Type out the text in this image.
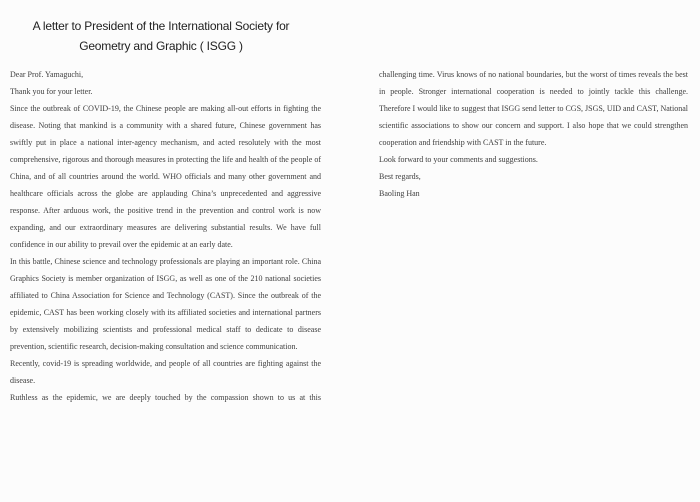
A letter to President of the International Society for
Geometry and Graphic ( ISGG )

Dear Prof. Yamaguchi,

Thank you for your letter.

Since the outbreak of COVID-19, the Chinese people are making all-out efforts in fighting the disease. Noting that mankind is a community with a shared future, Chinese government has swiftly put in place a national inter-agency mechanism, and acted resolutely with the most comprehensive, rigorous and thorough measures in protecting the life and health of the people of China, and of all countries around the world. WHO officials and many other government and healthcare officials across the globe are applauding China’s unprecedented and aggressive response. After arduous work, the positive trend in the prevention and control work is now expanding, and our extraordinary measures are delivering substantial results. We have full confidence in our ability to prevail over the epidemic at an early date.

In this battle, Chinese science and technology professionals are playing an important role. China Graphics Society is member organization of ISGG, as well as one of the 210 national societies affiliated to China Association for Science and Technology (CAST). Since the outbreak of the epidemic, CAST has been working closely with its affiliated societies and international partners by extensively mobilizing scientists and professional medical staff to dedicate to disease prevention, scientific research, decision-making consultation and science communication.

Recently, covid-19 is spreading worldwide, and people of all countries are fighting against the disease.

Ruthless as the epidemic, we are deeply touched by the compassion shown to us at this

challenging time. Virus knows of no national boundaries, but the worst of times reveals the best in people. Stronger international cooperation is needed to jointly tackle this challenge. Therefore I would like to suggest that ISGG send letter to CGS, JSGS, UID and CAST, National scientific associations to show our concern and support. I also hope that we could strengthen cooperation and friendship with CAST in the future.

Look forward to your comments and suggestions.

Best regards,

Baoling Han
